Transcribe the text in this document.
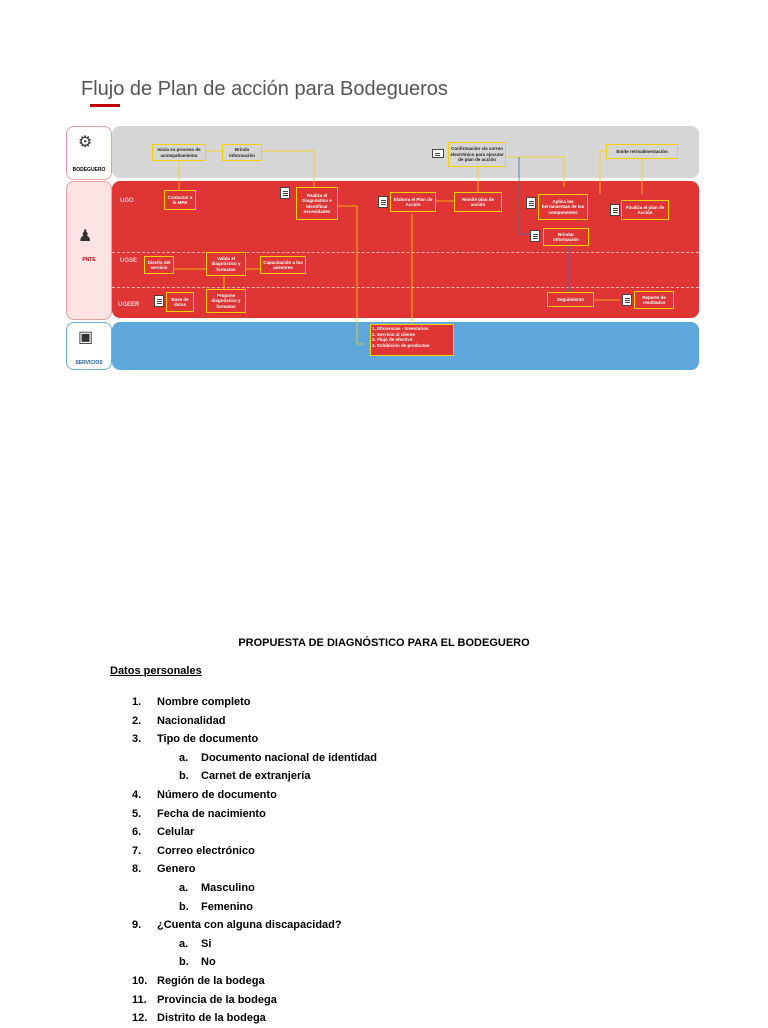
Flujo de Plan de acción para Bodegueros
⚙
BODEGUERO
♟
PNTE
▣
SERVICIOS
UGO
UGSE
UGEER
Inicia su proceso de acompañamiento
Brinda información
Confirmación vía correo electrónico para ejecutar de plan de acción
Emite retroalimentación
Contactar a la MPE
Realiza el Diagnóstico e Identificar necesidades
Elabora el Plan de Acción
Remite plan de acción
Aplica las herramientas de los componentes
Finaliza el plan de Acción
Brindar Información
Diseño del servicio
Valida el diagnóstico y formatos
Capacitación a los asesores
Base de datos
Propone diagnóstico y formatos
Seguimiento	Reporte de resultados
1. Eficiencias - Inventarios
2. Servicio al cliente
3. Flujo de efectivo
4. Exhibición de productos
PROPUESTA DE DIAGNÓSTICO PARA EL BODEGUERO
Datos personales
1. Nombre completo
2. Nacionalidad
3. Tipo de documento
a. Documento nacional de identidad
b. Carnet de extranjería
4. Número de documento
5. Fecha de nacimiento
6. Celular
7. Correo electrónico
8. Genero
a. Masculino
b. Femenino
9. ¿Cuenta con alguna discapacidad?
a. Si
b. No
10. Región de la bodega
11. Provincia de la bodega
12. Distrito de la bodega
